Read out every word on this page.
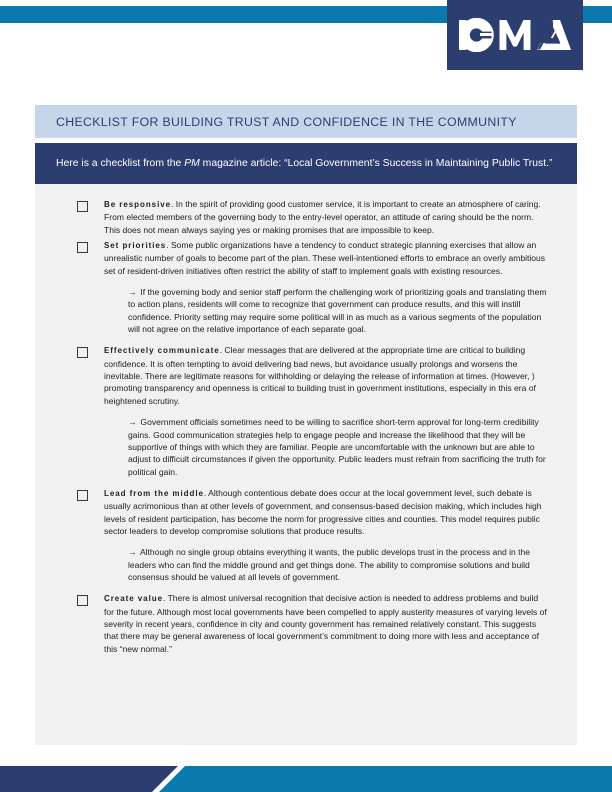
CHECKLIST FOR BUILDING TRUST AND CONFIDENCE IN THE COMMUNITY
Here is a checklist from the PM magazine article: “Local Government’s Success in Maintaining Public Trust.”
Be responsive. In the spirit of providing good customer service, it is important to create an atmosphere of caring. From elected members of the governing body to the entry-level operator, an attitude of caring should be the norm. This does not mean always saying yes or making promises that are impossible to keep.
Set priorities. Some public organizations have a tendency to conduct strategic planning exercises that allow an unrealistic number of goals to become part of the plan. These well-intentioned efforts to embrace an overly ambitious set of resident-driven initiatives often restrict the ability of staff to implement goals with existing resources.
→ If the governing body and senior staff perform the challenging work of prioritizing goals and translating them to action plans, residents will come to recognize that government can produce results, and this will instill confidence. Priority setting may require some political will in as much as a various segments of the population will not agree on the relative importance of each separate goal.
Effectively communicate. Clear messages that are delivered at the appropriate time are critical to building confidence. It is often tempting to avoid delivering bad news, but avoidance usually prolongs and worsens the inevitable. There are legitimate reasons for withholding or delaying the release of information at times. (However, ) promoting transparency and openness is critical to building trust in government institutions, especially in this era of heightened scrutiny.
→ Government officials sometimes need to be willing to sacrifice short-term approval for long-term credibility gains. Good communication strategies help to engage people and increase the likelihood that they will be supportive of things with which they are familiar. People are uncomfortable with the unknown but are able to adjust to difficult circumstances if given the opportunity. Public leaders must refrain from sacrificing the truth for political gain.
Lead from the middle. Although contentious debate does occur at the local government level, such debate is usually acrimonious than at other levels of government, and consensus-based decision making, which includes high levels of resident participation, has become the norm for progressive cities and counties. This model requires public sector leaders to develop compromise solutions that produce results.
→ Although no single group obtains everything it wants, the public develops trust in the process and in the leaders who can find the middle ground and get things done. The ability to compromise solutions and build consensus should be valued at all levels of government.
Create value. There is almost universal recognition that decisive action is needed to address problems and build for the future. Although most local governments have been compelled to apply austerity measures of varying levels of severity in recent years, confidence in city and county government has remained relatively constant. This suggests that there may be general awareness of local government’s commitment to doing more with less and acceptance of this “new normal.”
